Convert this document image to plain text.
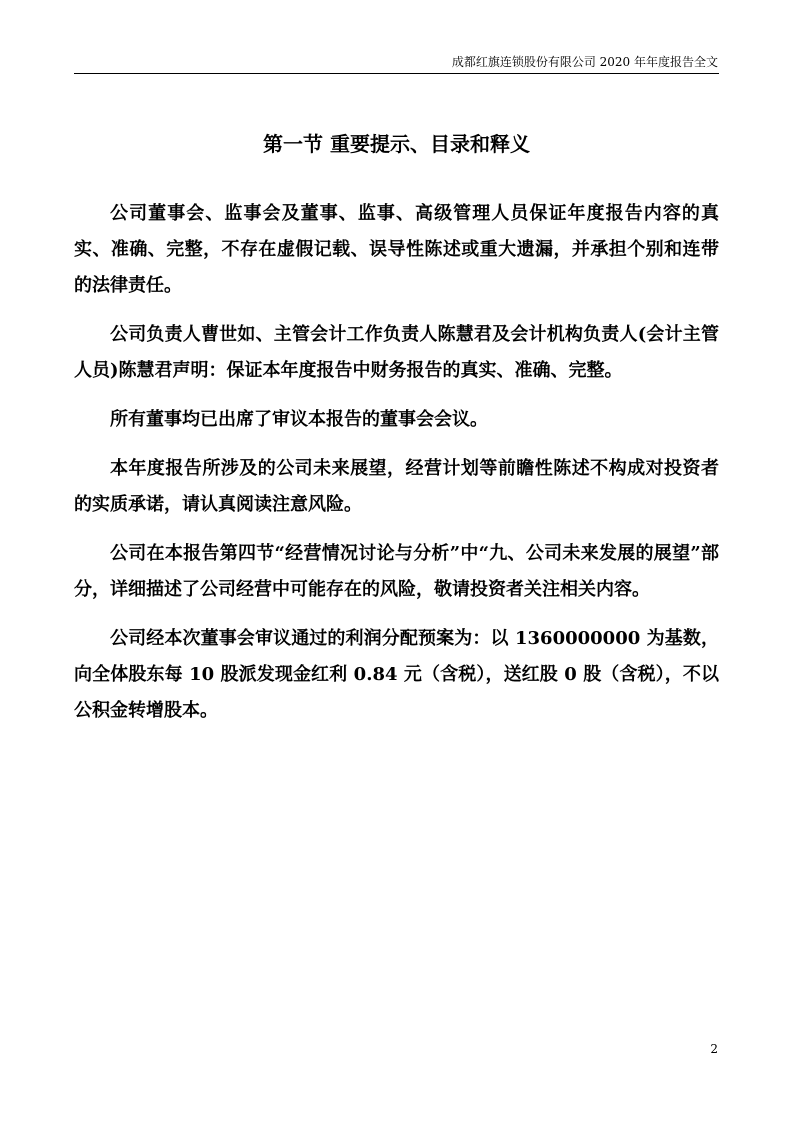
成都红旗连锁股份有限公司 2020 年年度报告全文
第一节 重要提示、目录和释义

公司董事会、监事会及董事、监事、高级管理人员保证年度报告内容的真实、准确、完整，不存在虚假记载、误导性陈述或重大遗漏，并承担个别和连带的法律责任。

公司负责人曹世如、主管会计工作负责人陈慧君及会计机构负责人(会计主管人员)陈慧君声明：保证本年度报告中财务报告的真实、准确、完整。

所有董事均已出席了审议本报告的董事会会议。

本年度报告所涉及的公司未来展望，经营计划等前瞻性陈述不构成对投资者的实质承诺，请认真阅读注意风险。

公司在本报告第四节“经营情况讨论与分析”中“九、公司未来发展的展望”部分，详细描述了公司经营中可能存在的风险，敬请投资者关注相关内容。

公司经本次董事会审议通过的利润分配预案为：以 1360000000 为基数，向全体股东每 10 股派发现金红利 0.84 元（含税），送红股 0 股（含税），不以公积金转增股本。

2
